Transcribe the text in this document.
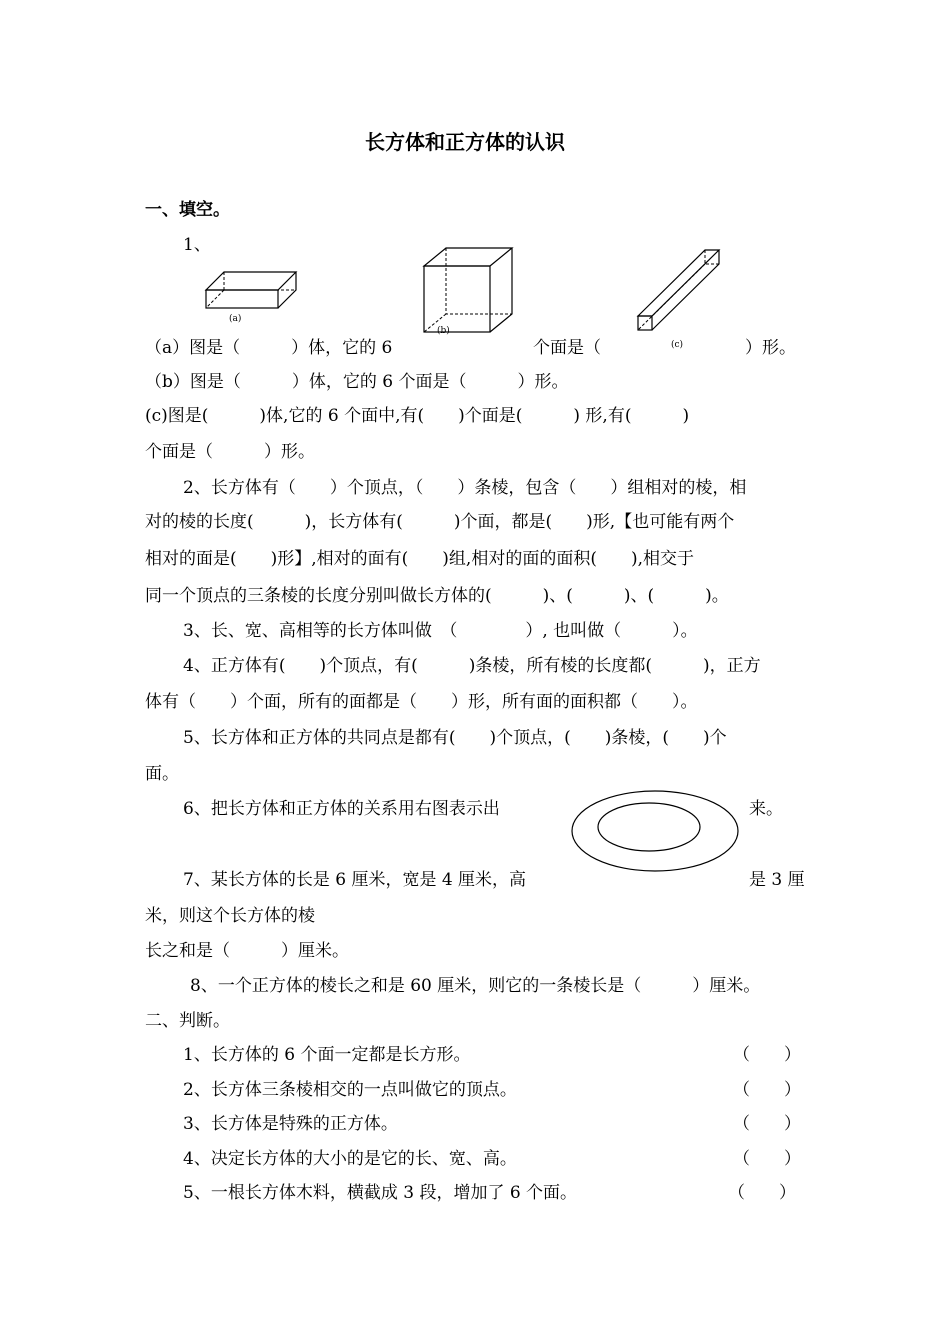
长方体和正方体的认识
一、填空。
1、
(a)
(b)
（a）图是（　　　）体，它的 6	个面是（	(c)	）形。
（b）图是（　　　）体，它的 6 个面是（　　　）形。
(c)图是(　　　)体,它的 6 个面中,有(　　)个面是(　　　) 形,有(　　　)
个面是（　　　）形。
2、长方体有（　　）个顶点，（　　）条棱，包含（　　）组相对的棱，相
对的棱的长度(　　　)，长方体有(　　　)个面，都是(　　)形,【也可能有两个
相对的面是(　　)形】,相对的面有(　　)组,相对的面的面积(　　),相交于
同一个顶点的三条棱的长度分别叫做长方体的(　　　)、(　　　)、(　　　)。
3、长、宽、高相等的长方体叫做　（　　　　）, 也叫做（　　　）。
4、正方体有(　　)个顶点，有(　　　)条棱，所有棱的长度都(　　　)，正方
体有（　　）个面，所有的面都是（　　）形，所有面的面积都（　　）。
5、长方体和正方体的共同点是都有(　　)个顶点，(　　)条棱，(　　)个
面。
6、把长方体和正方体的关系用右图表示出	来。
7、某长方体的长是 6 厘米，宽是 4 厘米，高	是 3 厘
米，则这个长方体的棱
长之和是（　　　）厘米。
8、一个正方体的棱长之和是 60 厘米，则它的一条棱长是（　　　）厘米。
二、判断。
1、长方体的 6 个面一定都是长方形。	（　　）
2、长方体三条棱相交的一点叫做它的顶点。	（　　）
3、长方体是特殊的正方体。	（　　）
4、决定长方体的大小的是它的长、宽、高。	（　　）
5、一根长方体木料，横截成 3 段，增加了 6 个面。	（　　）
